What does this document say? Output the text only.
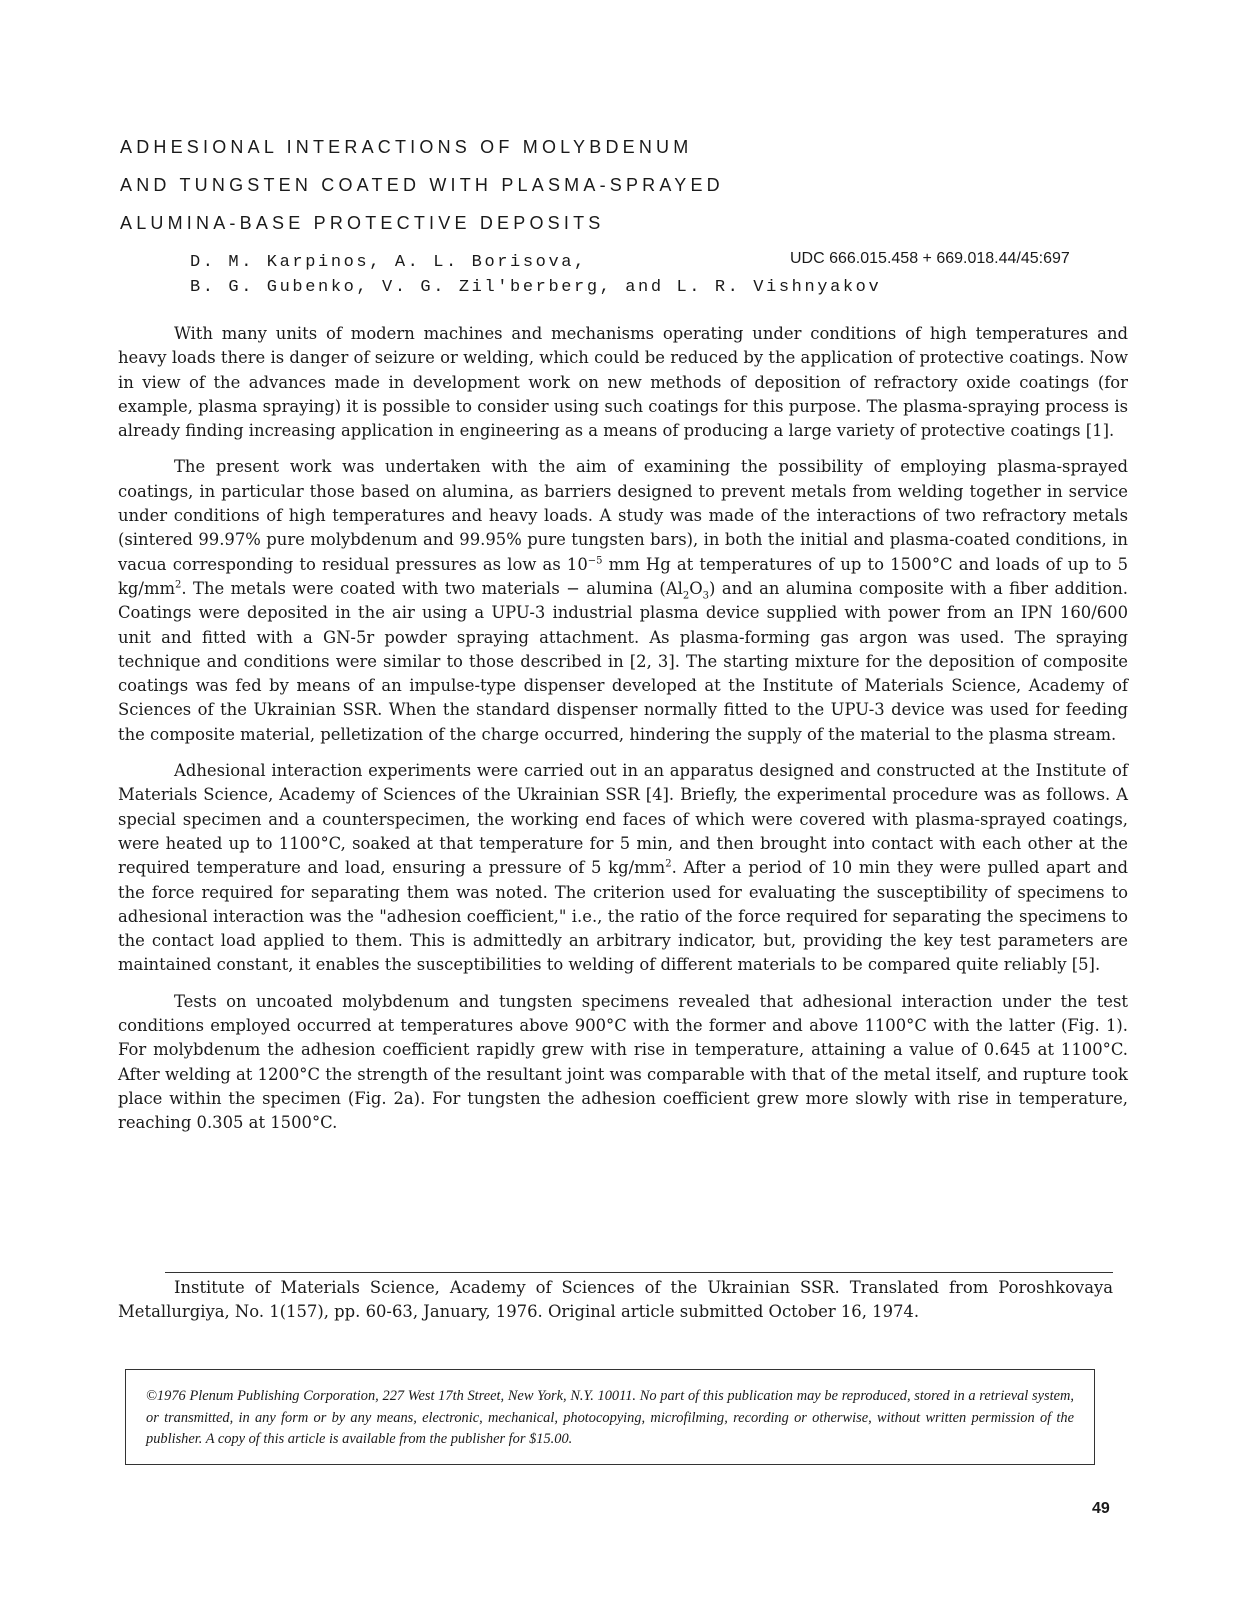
ADHESIONAL INTERACTIONS OF MOLYBDENUM
AND TUNGSTEN COATED WITH PLASMA-SPRAYED
ALUMINA-BASE PROTECTIVE DEPOSITS
D. M. Karpinos, A. L. Borisova,
B. G. Gubenko, V. G. Zil'berberg, and L. R. Vishnyakov
UDC 666.015.458 + 669.018.44/45:697

With many units of modern machines and mechanisms operating under conditions of high temperatures and heavy loads there is danger of seizure or welding, which could be reduced by the application of protective coatings. Now in view of the advances made in development work on new methods of deposition of refractory oxide coatings (for example, plasma spraying) it is possible to consider using such coatings for this purpose. The plasma-spraying process is already finding increasing application in engineering as a means of producing a large variety of protective coatings [1].

The present work was undertaken with the aim of examining the possibility of employing plasma-sprayed coatings, in particular those based on alumina, as barriers designed to prevent metals from welding together in service under conditions of high temperatures and heavy loads. A study was made of the interactions of two refractory metals (sintered 99.97% pure molybdenum and 99.95% pure tungsten bars), in both the initial and plasma-coated conditions, in vacua corresponding to residual pressures as low as $10^{-5}$ mm Hg at temperatures of up to 1500°C and loads of up to 5 $kg/mm^2$. The metals were coated with two materials − alumina $(Al_2O_3)$ and an alumina composite with a fiber addition. Coatings were deposited in the air using a UPU-3 industrial plasma device supplied with power from an IPN 160/600 unit and fitted with a GN-5r powder spraying attachment. As plasma-forming gas argon was used. The spraying technique and conditions were similar to those described in [2, 3]. The starting mixture for the deposition of composite coatings was fed by means of an impulse-type dispenser developed at the Institute of Materials Science, Academy of Sciences of the Ukrainian SSR. When the standard dispenser normally fitted to the UPU-3 device was used for feeding the composite material, pelletization of the charge occurred, hindering the supply of the material to the plasma stream.

Adhesional interaction experiments were carried out in an apparatus designed and constructed at the Institute of Materials Science, Academy of Sciences of the Ukrainian SSR [4]. Briefly, the experimental procedure was as follows. A special specimen and a counterspecimen, the working end faces of which were covered with plasma-sprayed coatings, were heated up to 1100°C, soaked at that temperature for 5 min, and then brought into contact with each other at the required temperature and load, ensuring a pressure of 5 $kg/mm^2$. After a period of 10 min they were pulled apart and the force required for separating them was noted. The criterion used for evaluating the susceptibility of specimens to adhesional interaction was the "adhesion coefficient," i.e., the ratio of the force required for separating the specimens to the contact load applied to them. This is admittedly an arbitrary indicator, but, providing the key test parameters are maintained constant, it enables the susceptibilities to welding of different materials to be compared quite reliably [5].

Tests on uncoated molybdenum and tungsten specimens revealed that adhesional interaction under the test conditions employed occurred at temperatures above 900°C with the former and above 1100°C with the latter (Fig. 1). For molybdenum the adhesion coefficient rapidly grew with rise in temperature, attaining a value of 0.645 at 1100°C. After welding at 1200°C the strength of the resultant joint was comparable with that of the metal itself, and rupture took place within the specimen (Fig. 2a). For tungsten the adhesion coefficient grew more slowly with rise in temperature, reaching 0.305 at 1500°C.

Institute of Materials Science, Academy of Sciences of the Ukrainian SSR. Translated from Poroshkovaya Metallurgiya, No. 1(157), pp. 60-63, January, 1976. Original article submitted October 16, 1974.

©1976 Plenum Publishing Corporation, 227 West 17th Street, New York, N.Y. 10011. No part of this publication may be reproduced, stored in a retrieval system, or transmitted, in any form or by any means, electronic, mechanical, photocopying, microfilming, recording or otherwise, without written permission of the publisher. A copy of this article is available from the publisher for $15.00.

49
